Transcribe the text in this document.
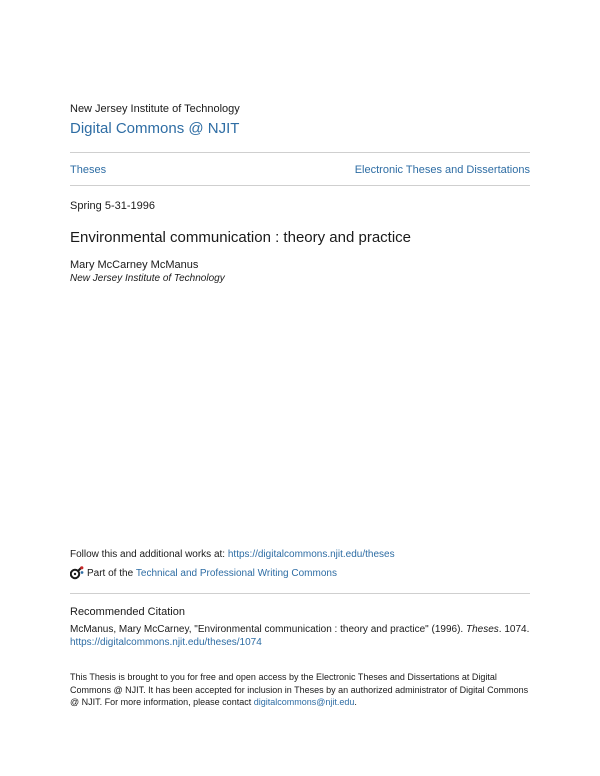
New Jersey Institute of Technology
Digital Commons @ NJIT
Theses	Electronic Theses and Dissertations
Spring 5-31-1996
Environmental communication : theory and practice
Mary McCarney McManus
New Jersey Institute of Technology
Follow this and additional works at: https://digitalcommons.njit.edu/theses
Part of the
Technical and Professional Writing Commons
Recommended Citation
McManus, Mary McCarney, "Environmental communication : theory and practice" (1996). Theses. 1074.
https://digitalcommons.njit.edu/theses/1074
This Thesis is brought to you for free and open access by the Electronic Theses and Dissertations at Digital
Commons @ NJIT. It has been accepted for inclusion in Theses by an authorized administrator of Digital Commons
@ NJIT. For more information, please contact digitalcommons@njit.edu.
